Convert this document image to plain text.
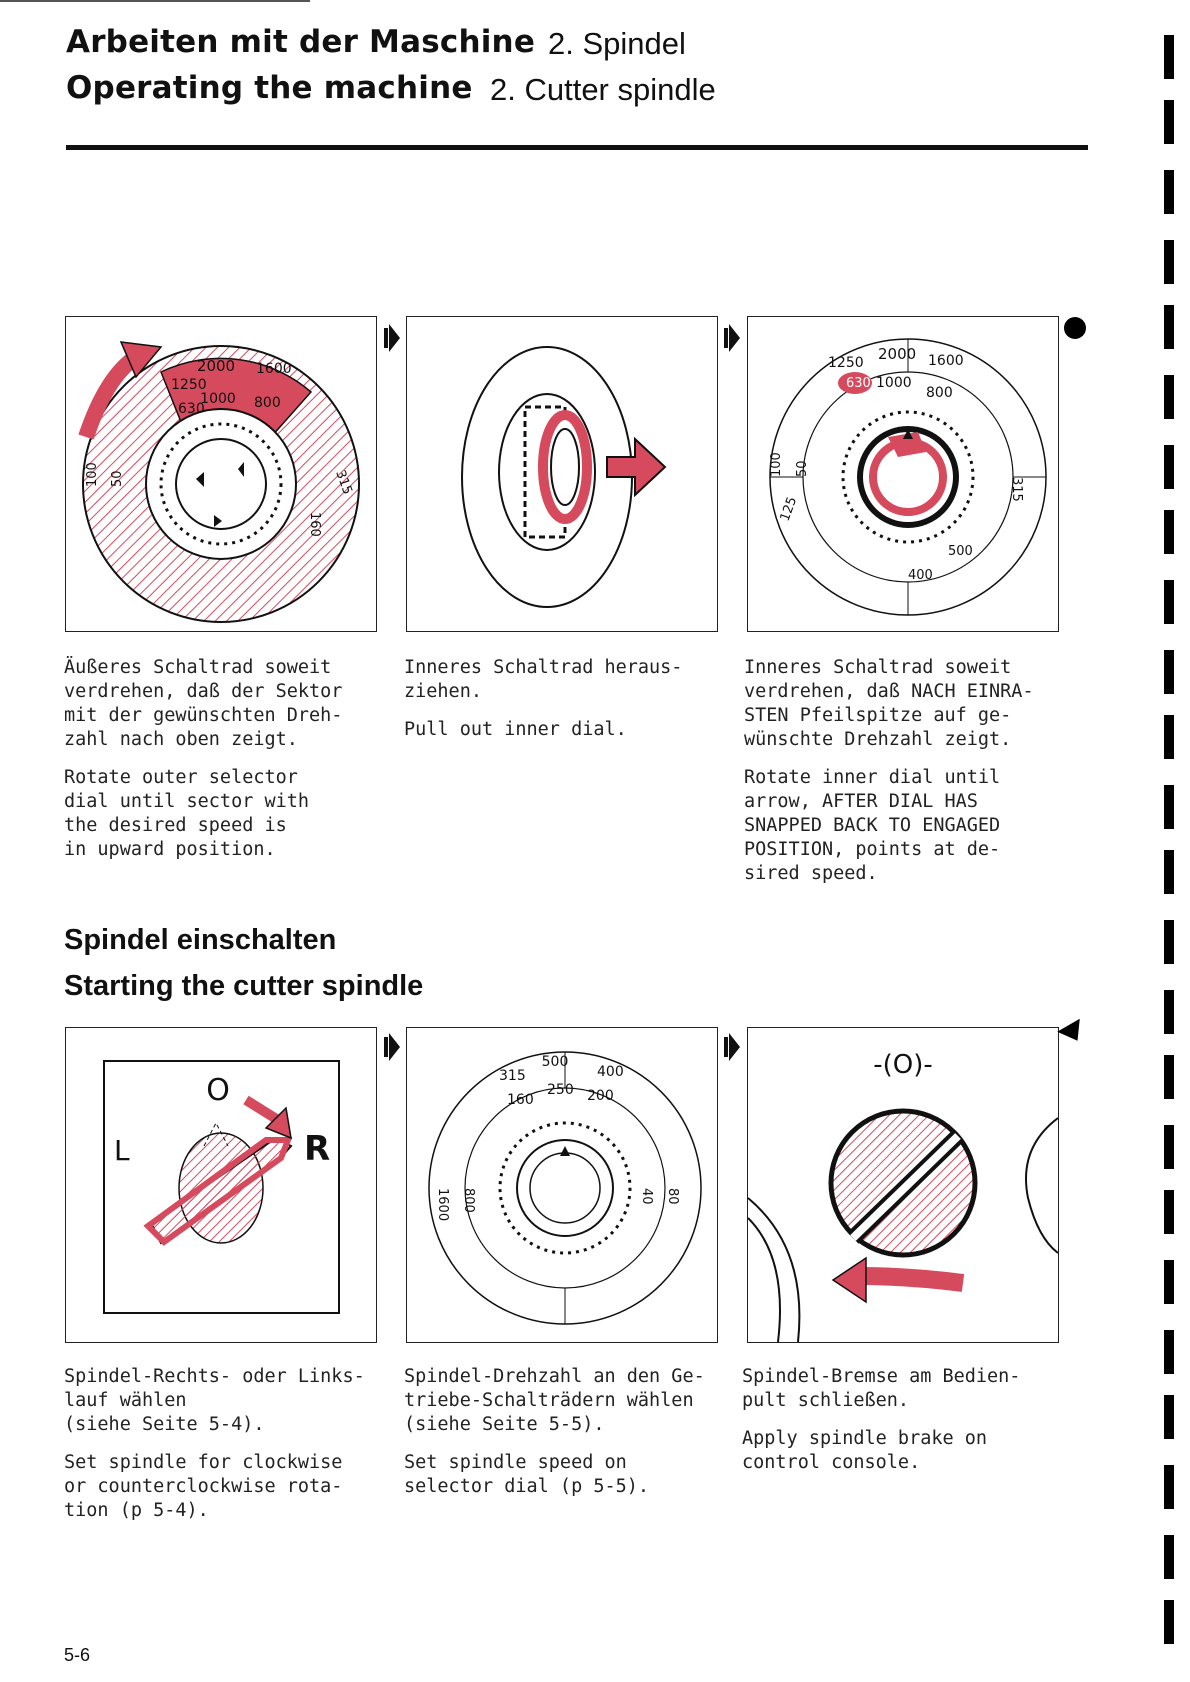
Arbeiten mit der Maschine 2. Spindel
Operating the machine 2. Cutter spindle
2000
1250
1600
630
1000 800
100 50
160
315
630 1000
800
1250 2000 1600
100 50
125
315
400
500

Äußeres Schaltrad soweit
verdrehen, daß der Sektor
mit der gewünschten Dreh-
zahl nach oben zeigt.

Rotate outer selector
dial until sector with
the desired speed is
in upward position.

Inneres Schaltrad heraus-
ziehen.

Pull out inner dial.

Inneres Schaltrad soweit
verdrehen, daß NACH EINRA-
STEN Pfeilspitze auf ge-
wünschte Drehzahl zeigt.

Rotate inner dial until
arrow, AFTER DIAL HAS
SNAPPED BACK TO ENGAGED
POSITION, points at de-
sired speed.

Spindel einschalten
Starting the cutter spindle
O
L	R
500
315	400
160
250 200
1600 800	80
40
-(O)-

Spindel-Rechts- oder Links-
lauf wählen
(siehe Seite 5-4).

Set spindle for clockwise
or counterclockwise rota-
tion (p 5-4).

Spindel-Drehzahl an den Ge-
triebe-Schalträdern wählen
(siehe Seite 5-5).

Set spindle speed on
selector dial (p 5-5).

Spindel-Bremse am Bedien-
pult schließen.

Apply spindle brake on
control console.

5-6
